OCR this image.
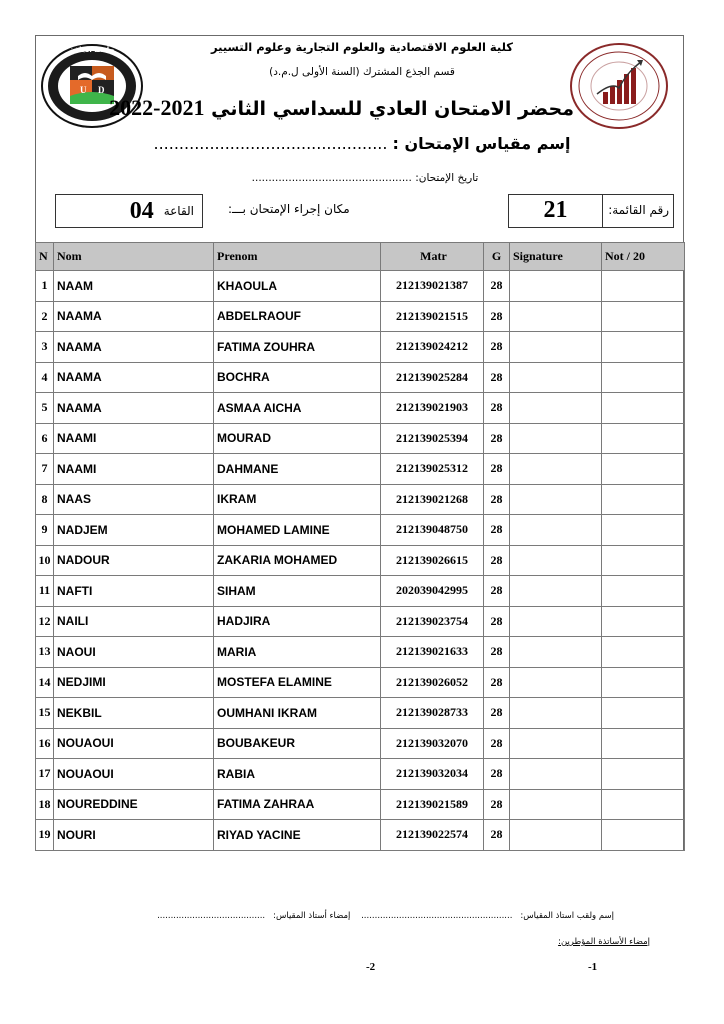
U D
جامعة الجلفة	كلية العلوم الاقتصادية والعلوم التجارية وعلوم التسيير
قسم الجذع المشترك (السنة الأولى ل.م.د)
محضر الامتحان العادي للسداسي الثاني 2021-2022
إسم مقياس الإمتحان : ..............................................
تاريخ الإمتحان: ................................................
21	رقم القائمة:
مكان إجراء الإمتحان بـــ:
04 القاعة
N	Nom	Prenom	Matr	G	Signature	Not / 20
1	NAAM	KHAOULA	212139021387	28		
2	NAAMA	ABDELRAOUF	212139021515	28		
3	NAAMA	FATIMA ZOUHRA	212139024212	28		
4	NAAMA	BOCHRA	212139025284	28		
5	NAAMA	ASMAA AICHA	212139021903	28		
6	NAAMI	MOURAD	212139025394	28		
7	NAAMI	DAHMANE	212139025312	28		
8	NAAS	IKRAM	212139021268	28		
9	NADJEM	MOHAMED LAMINE	212139048750	28		
10	NADOUR	ZAKARIA MOHAMED	212139026615	28		
11	NAFTI	SIHAM	202039042995	28		
12	NAILI	HADJIRA	212139023754	28		
13	NAOUI	MARIA	212139021633	28		
14	NEDJIMI	MOSTEFA ELAMINE	212139026052	28		
15	NEKBIL	OUMHANI IKRAM	212139028733	28		
16	NOUAOUI	BOUBAKEUR	212139032070	28		
17	NOUAOUI	RABIA	212139032034	28		
18	NOUREDDINE	FATIMA ZAHRAA	212139021589	28		
19	NOURI	RIYAD YACINE	212139022574	28		
إسم ولقب استاذ المقياس:........................................................ إمضاء أستاذ المقياس:........................................
إمضاء الأساتذة المؤطرين:
-1
-2
